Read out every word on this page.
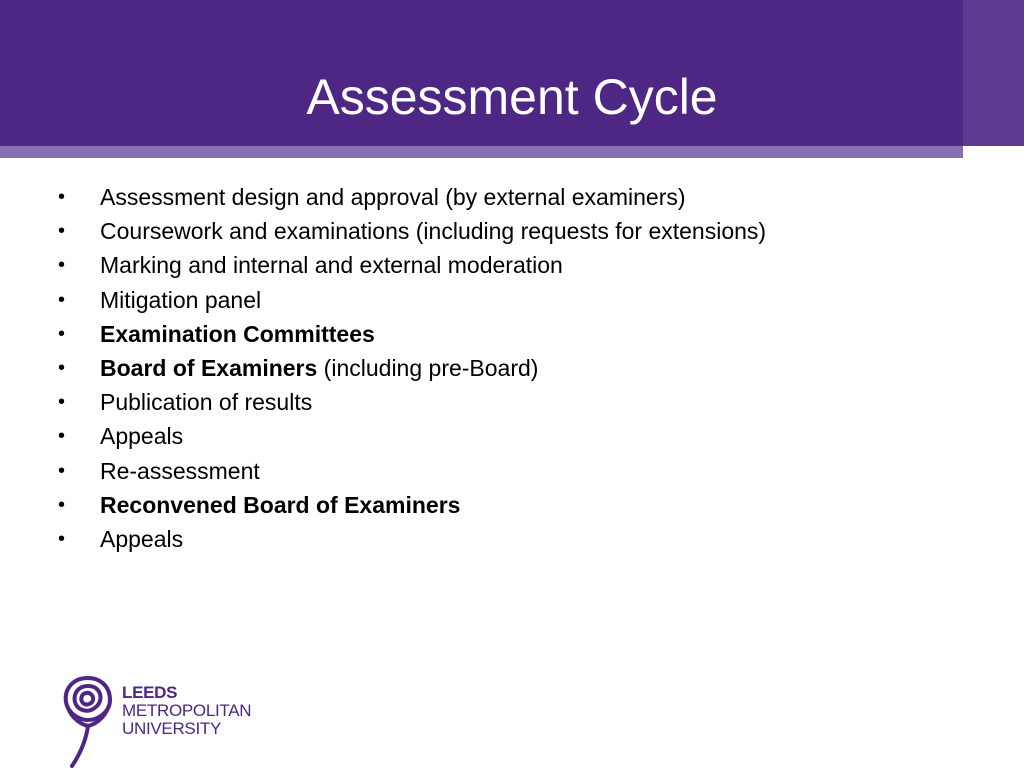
Assessment Cycle
•	Assessment design and approval (by external examiners)
•	Coursework and examinations (including requests for extensions)
•	Marking and internal and external moderation
•	Mitigation panel
•	Examination Committees
•	Board of Examiners (including pre-Board)
•	Publication of results
•	Appeals
•	Re-assessment
•	Reconvened Board of Examiners
•	Appeals
LEEDS
METROPOLITAN
UNIVERSITY
